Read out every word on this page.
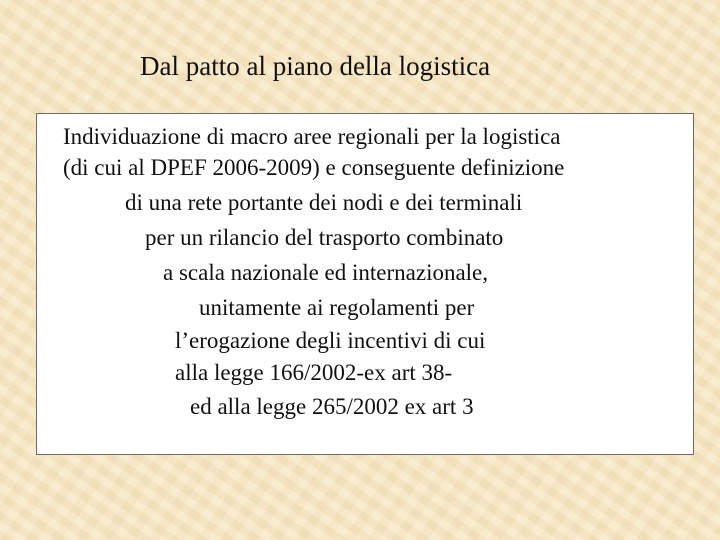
Dal patto al piano della logistica
Individuazione di macro aree regionali per la logistica
(di cui al DPEF 2006-2009) e conseguente definizione
di una rete portante dei nodi e dei terminali
per un rilancio del trasporto combinato
a scala nazionale ed internazionale,
unitamente ai regolamenti per
l’erogazione degli incentivi di cui
alla legge 166/2002-ex art 38-
ed alla legge 265/2002 ex art 3
